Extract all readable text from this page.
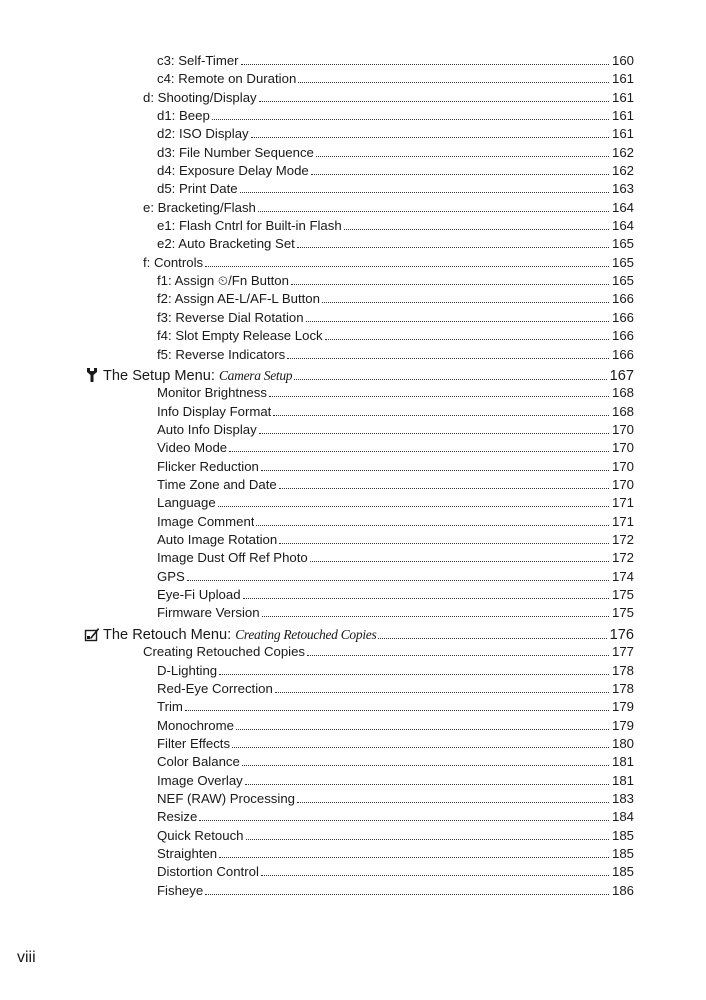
c3: Self-Timer	160
c4: Remote on Duration	161
d: Shooting/Display	161
d1: Beep	161
d2: ISO Display	161
d3: File Number Sequence	162
d4: Exposure Delay Mode	162
d5: Print Date	163
e: Bracketing/Flash	164
e1: Flash Cntrl for Built-in Flash	164
e2: Auto Bracketing Set	165
f: Controls	165
f1: Assign ⏲/Fn Button	165
f2: Assign AE-L/AF-L Button	166
f3: Reverse Dial Rotation	166
f4: Slot Empty Release Lock	166
f5: Reverse Indicators	166
The Setup Menu: Camera Setup	167
Monitor Brightness	168
Info Display Format	168
Auto Info Display	170
Video Mode	170
Flicker Reduction	170
Time Zone and Date	170
Language	171
Image Comment	171
Auto Image Rotation	172
Image Dust Off Ref Photo	172
GPS	174
Eye-Fi Upload	175
Firmware Version	175
The Retouch Menu: Creating Retouched Copies	176
Creating Retouched Copies	177
D-Lighting	178
Red-Eye Correction	178
Trim	179
Monochrome	179
Filter Effects	180
Color Balance	181
Image Overlay	181
NEF (RAW) Processing	183
Resize	184
Quick Retouch	185
Straighten	185
Distortion Control	185
Fisheye	186
viii
